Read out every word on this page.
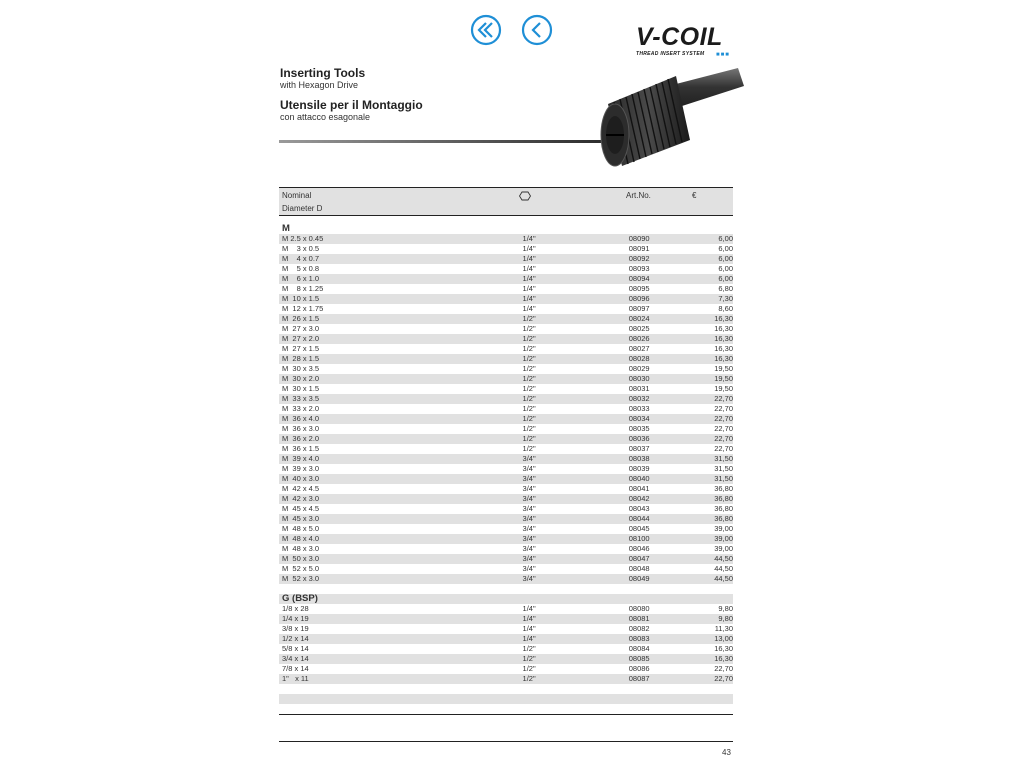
V-COIL
THREAD INSERT SYSTEM	■■■
Inserting Tools
with Hexagon Drive
Utensile per il Montaggio
con attacco esagonale
Nominal
Diameter D
Art.No.	€
M			
M 2.5 x 0.45	1/4"	08090	6,00
M    3 x 0.5	1/4"	08091	6,00
M    4 x 0.7	1/4"	08092	6,00
M    5 x 0.8	1/4"	08093	6,00
M    6 x 1.0	1/4"	08094	6,00
M    8 x 1.25	1/4"	08095	6,80
M  10 x 1.5	1/4"	08096	7,30
M  12 x 1.75	1/4"	08097	8,60
M  26 x 1.5	1/2"	08024	16,30
M  27 x 3.0	1/2"	08025	16,30
M  27 x 2.0	1/2"	08026	16,30
M  27 x 1.5	1/2"	08027	16,30
M  28 x 1.5	1/2"	08028	16,30
M  30 x 3.5	1/2"	08029	19,50
M  30 x 2.0	1/2"	08030	19,50
M  30 x 1.5	1/2"	08031	19,50
M  33 x 3.5	1/2"	08032	22,70
M  33 x 2.0	1/2"	08033	22,70
M  36 x 4.0	1/2"	08034	22,70
M  36 x 3.0	1/2"	08035	22,70
M  36 x 2.0	1/2"	08036	22,70
M  36 x 1.5	1/2"	08037	22,70
M  39 x 4.0	3/4"	08038	31,50
M  39 x 3.0	3/4"	08039	31,50
M  40 x 3.0	3/4"	08040	31,50
M  42 x 4.5	3/4"	08041	36,80
M  42 x 3.0	3/4"	08042	36,80
M  45 x 4.5	3/4"	08043	36,80
M  45 x 3.0	3/4"	08044	36,80
M  48 x 5.0	3/4"	08045	39,00
M  48 x 4.0	3/4"	08100	39,00
M  48 x 3.0	3/4"	08046	39,00
M  50 x 3.0	3/4"	08047	44,50
M  52 x 5.0	3/4"	08048	44,50
M  52 x 3.0	3/4"	08049	44,50

G (BSP)			
1/8 x 28	1/4"	08080	9,80
1/4 x 19	1/4"	08081	9,80
3/8 x 19	1/4"	08082	11,30
1/2 x 14	1/4"	08083	13,00
5/8 x 14	1/2"	08084	16,30
3/4 x 14	1/2"	08085	16,30
7/8 x 14	1/2"	08086	22,70
1"   x 11	1/2"	08087	22,70

43
